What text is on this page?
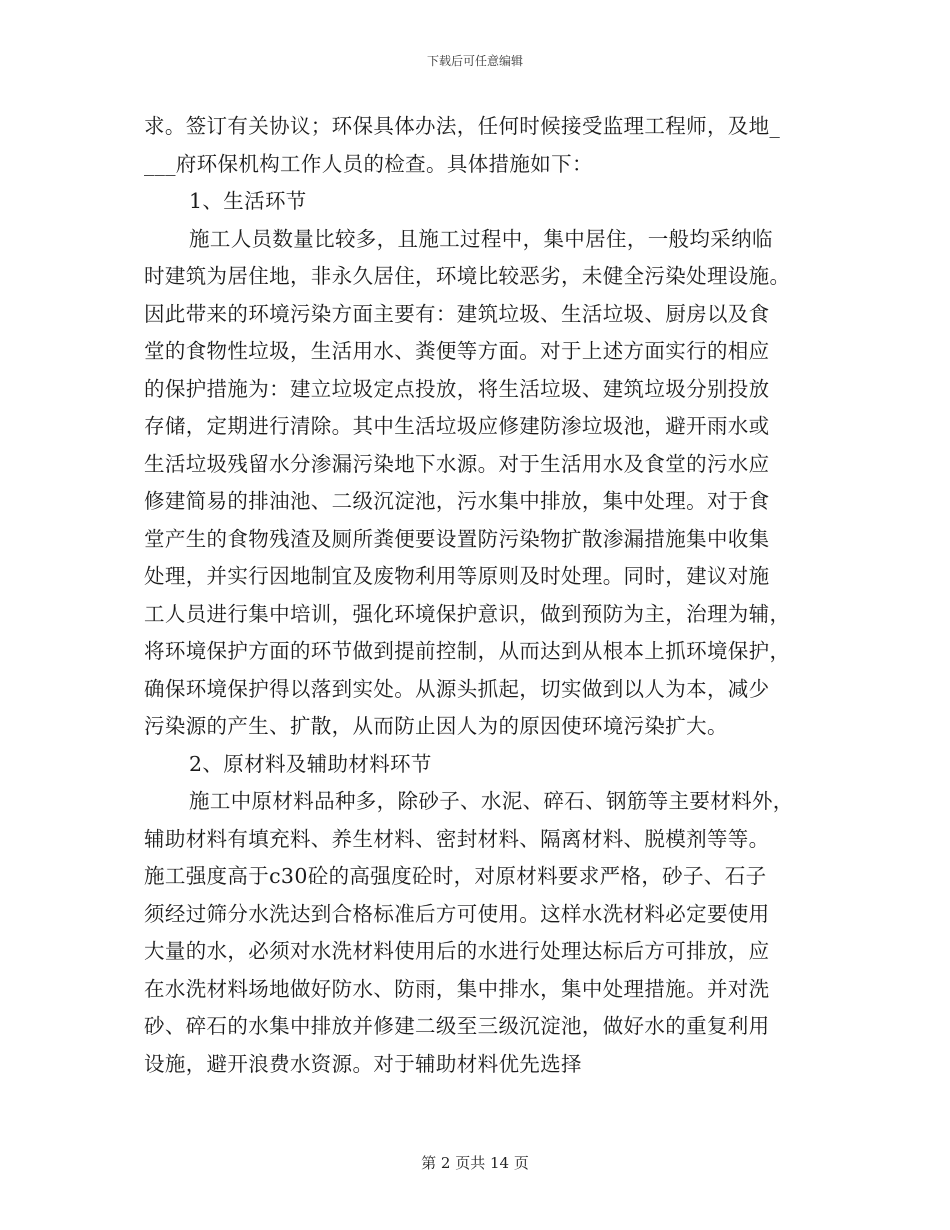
下载后可任意编辑
求。签订有关协议；环保具体办法，任何时候接受监理工程师，及地_
___府环保机构工作人员的检查。具体措施如下：
1、生活环节
施工人员数量比较多，且施工过程中，集中居住，一般均采纳临
时建筑为居住地，非永久居住，环境比较恶劣，未健全污染处理设施。
因此带来的环境污染方面主要有：建筑垃圾、生活垃圾、厨房以及食
堂的食物性垃圾，生活用水、粪便等方面。对于上述方面实行的相应
的保护措施为：建立垃圾定点投放，将生活垃圾、建筑垃圾分别投放
存储，定期进行清除。其中生活垃圾应修建防渗垃圾池，避开雨水或
生活垃圾残留水分渗漏污染地下水源。对于生活用水及食堂的污水应
修建简易的排油池、二级沉淀池，污水集中排放，集中处理。对于食
堂产生的食物残渣及厕所粪便要设置防污染物扩散渗漏措施集中收集
处理，并实行因地制宜及废物利用等原则及时处理。同时，建议对施
工人员进行集中培训，强化环境保护意识，做到预防为主，治理为辅，
将环境保护方面的环节做到提前控制，从而达到从根本上抓环境保护，
确保环境保护得以落到实处。从源头抓起，切实做到以人为本，减少
污染源的产生、扩散，从而防止因人为的原因使环境污染扩大。
2、原材料及辅助材料环节
施工中原材料品种多，除砂子、水泥、碎石、钢筋等主要材料外，
辅助材料有填充料、养生材料、密封材料、隔离材料、脱模剂等等。
施工强度高于c30砼的高强度砼时，对原材料要求严格，砂子、石子
须经过筛分水洗达到合格标准后方可使用。这样水洗材料必定要使用
大量的水，必须对水洗材料使用后的水进行处理达标后方可排放，应
在水洗材料场地做好防水、防雨，集中排水，集中处理措施。并对洗
砂、碎石的水集中排放并修建二级至三级沉淀池，做好水的重复利用
设施，避开浪费水资源。对于辅助材料优先选择
第 2 页共 14 页
